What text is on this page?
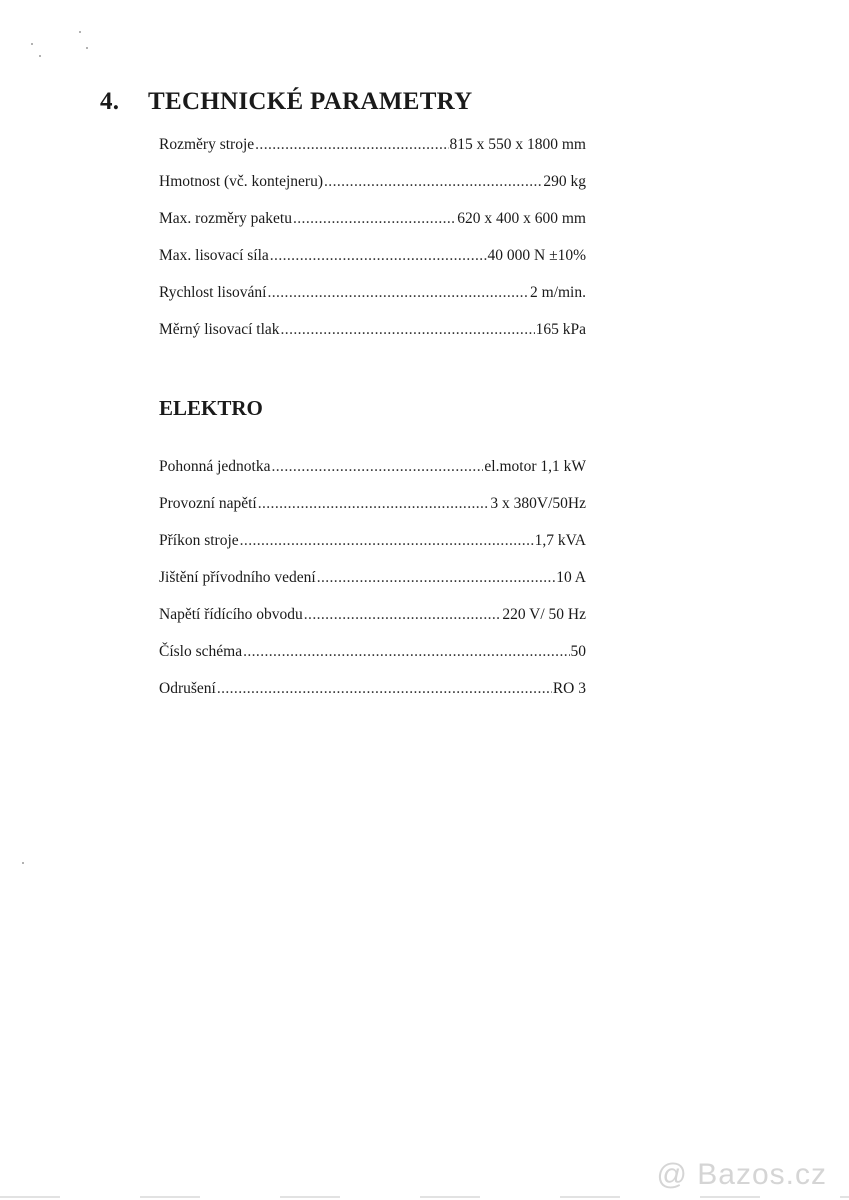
4. TECHNICKÉ PARAMETRY
Rozměry stroje .....	815 x 550 x 1800 mm
Hmotnost (vč. kontejneru) .....	290 kg
Max. rozměry paketu .....	620 x 400 x 600 mm
Max. lisovací síla .....	40 000 N ±10%
Rychlost lisování .....	2 m/min.
Měrný lisovací tlak .....	165 kPa
ELEKTRO
Pohonná jednotka .....	el.motor 1,1 kW
Provozní napětí .....	3 x 380V/50Hz
Příkon stroje .....	1,7 kVA
Jištění přívodního vedení .....	10 A
Napětí řídícího obvodu .....	220 V/ 50 Hz
Číslo schéma .....	50
Odrušení .....	RO 3
@ Bazos.cz
